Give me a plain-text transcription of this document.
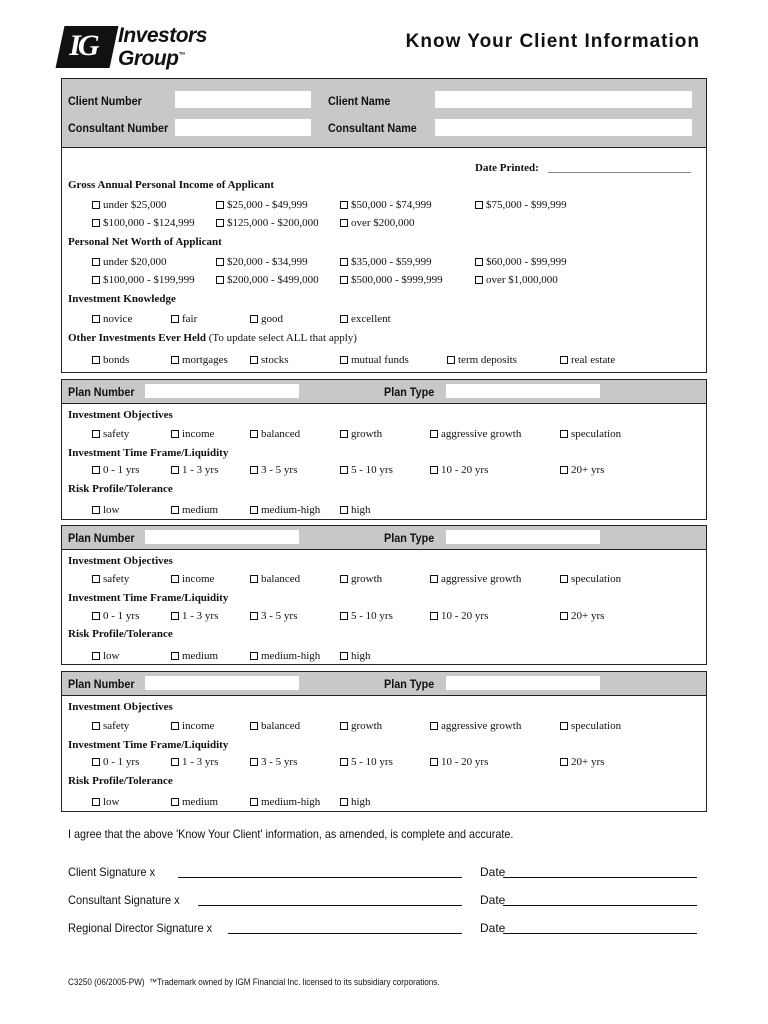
IG Investors
Group™
Know Your Client Information
Client Number	Client Name
Consultant Number	Consultant Name
Date Printed: __________________________
Gross Annual Personal Income of Applicant
under $25,000	$25,000 - $49,999	$50,000 - $74,999	$75,000 - $99,999
$100,000 - $124,999	$125,000 - $200,000	over $200,000
Personal Net Worth of Applicant
under $20,000	$20,000 - $34,999	$35,000 - $59,999	$60,000 - $99,999
$100,000 - $199,999	$200,000 - $499,000	$500,000 - $999,999	over $1,000,000
Investment Knowledge
novice	fair	good	excellent
Other Investments Ever Held (To update select ALL that apply)
bonds	mortgages	stocks	mutual funds	term deposits	real estate
Plan Number	Plan Type
Investment Objectives
safety	income	balanced	growth	aggressive growth	speculation
Investment Time Frame/Liquidity
0 - 1 yrs	1 - 3 yrs	3 - 5 yrs	5 - 10 yrs	10 - 20 yrs	20+ yrs
Risk Profile/Tolerance
low	medium	medium-high	high
Plan Number	Plan Type
Investment Objectives
safety	income	balanced	growth	aggressive growth	speculation
Investment Time Frame/Liquidity
0 - 1 yrs	1 - 3 yrs	3 - 5 yrs	5 - 10 yrs	10 - 20 yrs	20+ yrs
Risk Profile/Tolerance
low	medium	medium-high	high
Plan Number	Plan Type
Investment Objectives
safety	income	balanced	growth	aggressive growth	speculation
Investment Time Frame/Liquidity
0 - 1 yrs	1 - 3 yrs	3 - 5 yrs	5 - 10 yrs	10 - 20 yrs	20+ yrs
Risk Profile/Tolerance
low	medium	medium-high	high
I agree that the above 'Know Your Client' information, as amended, is complete and accurate.
Client Signature x	Date
Consultant Signature x	Date
Regional Director Signature x	Date
C3250 (06/2005-PW) ™Trademark owned by IGM Financial Inc. licensed to its subsidiary corporations.
